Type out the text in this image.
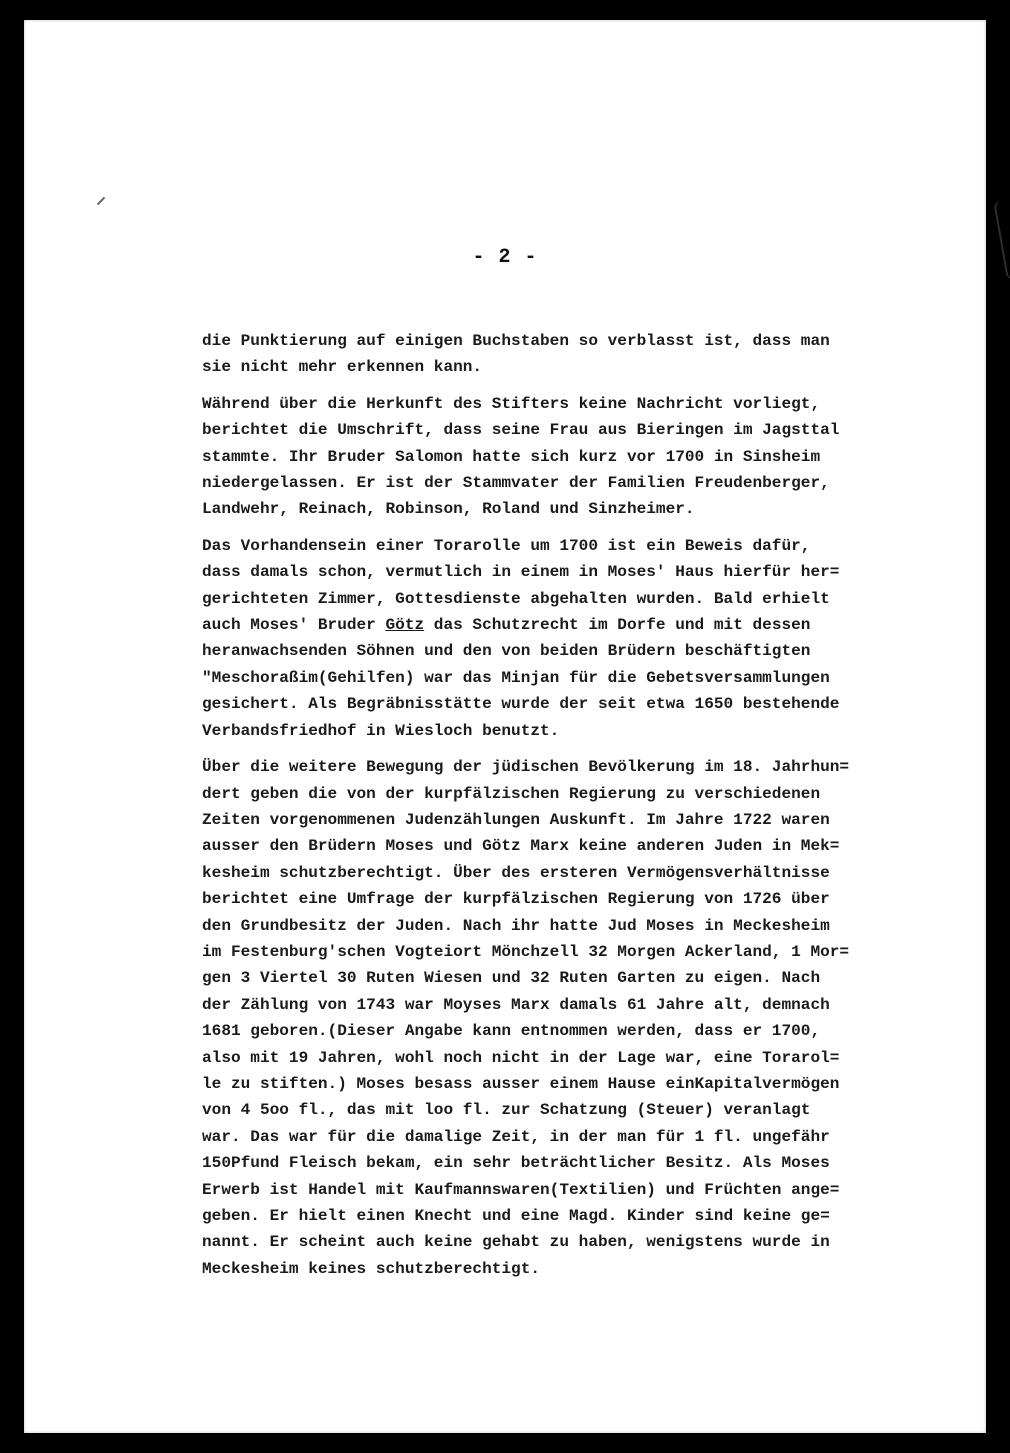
- 2 -
die Punktierung auf einigen Buchstaben so verblasst ist, dass man
sie nicht mehr erkennen kann.
Während über die Herkunft des Stifters keine Nachricht vorliegt,
berichtet die Umschrift, dass seine Frau aus Bieringen im Jagsttal
stammte. Ihr Bruder Salomon hatte sich kurz vor 1700 in Sinsheim
niedergelassen. Er ist der Stammvater der Familien Freudenberger,
Landwehr, Reinach, Robinson, Roland und Sinzheimer.
Das Vorhandensein einer Torarolle um 1700 ist ein Beweis dafür,
dass damals schon, vermutlich in einem in Moses' Haus hierfür her=
gerichteten Zimmer, Gottesdienste abgehalten wurden. Bald erhielt
auch Moses' Bruder Götz das Schutzrecht im Dorfe und mit dessen
heranwachsenden Söhnen und den von beiden Brüdern beschäftigten
"Meschoraßim(Gehilfen) war das Minjan für die Gebetsversammlungen
gesichert. Als Begräbnisstätte wurde der seit etwa 1650 bestehende
Verbandsfriedhof in Wiesloch benutzt.
Über die weitere Bewegung der jüdischen Bevölkerung im 18. Jahrhun=
dert geben die von der kurpfälzischen Regierung zu verschiedenen
Zeiten vorgenommenen Judenzählungen Auskunft. Im Jahre 1722 waren
ausser den Brüdern Moses und Götz Marx keine anderen Juden in Mek=
kesheim schutzberechtigt. Über des ersteren Vermögensverhältnisse
berichtet eine Umfrage der kurpfälzischen Regierung von 1726 über
den Grundbesitz der Juden. Nach ihr hatte Jud Moses in Meckesheim
im Festenburg'schen Vogteiort Mönchzell 32 Morgen Ackerland, 1 Mor=
gen 3 Viertel 30 Ruten Wiesen und 32 Ruten Garten zu eigen. Nach
der Zählung von 1743 war Moyses Marx damals 61 Jahre alt, demnach
1681 geboren.(Dieser Angabe kann entnommen werden, dass er 1700,
also mit 19 Jahren, wohl noch nicht in der Lage war, eine Torarol=
le zu stiften.) Moses besass ausser einem Hause einKapitalvermögen
von 4 5oo fl., das mit loo fl. zur Schatzung (Steuer) veranlagt
war. Das war für die damalige Zeit, in der man für 1 fl. ungefähr
150Pfund Fleisch bekam, ein sehr beträchtlicher Besitz. Als Moses
Erwerb ist Handel mit Kaufmannswaren(Textilien) und Früchten ange=
geben. Er hielt einen Knecht und eine Magd. Kinder sind keine ge=
nannt. Er scheint auch keine gehabt zu haben, wenigstens wurde in
Meckesheim keines schutzberechtigt.
